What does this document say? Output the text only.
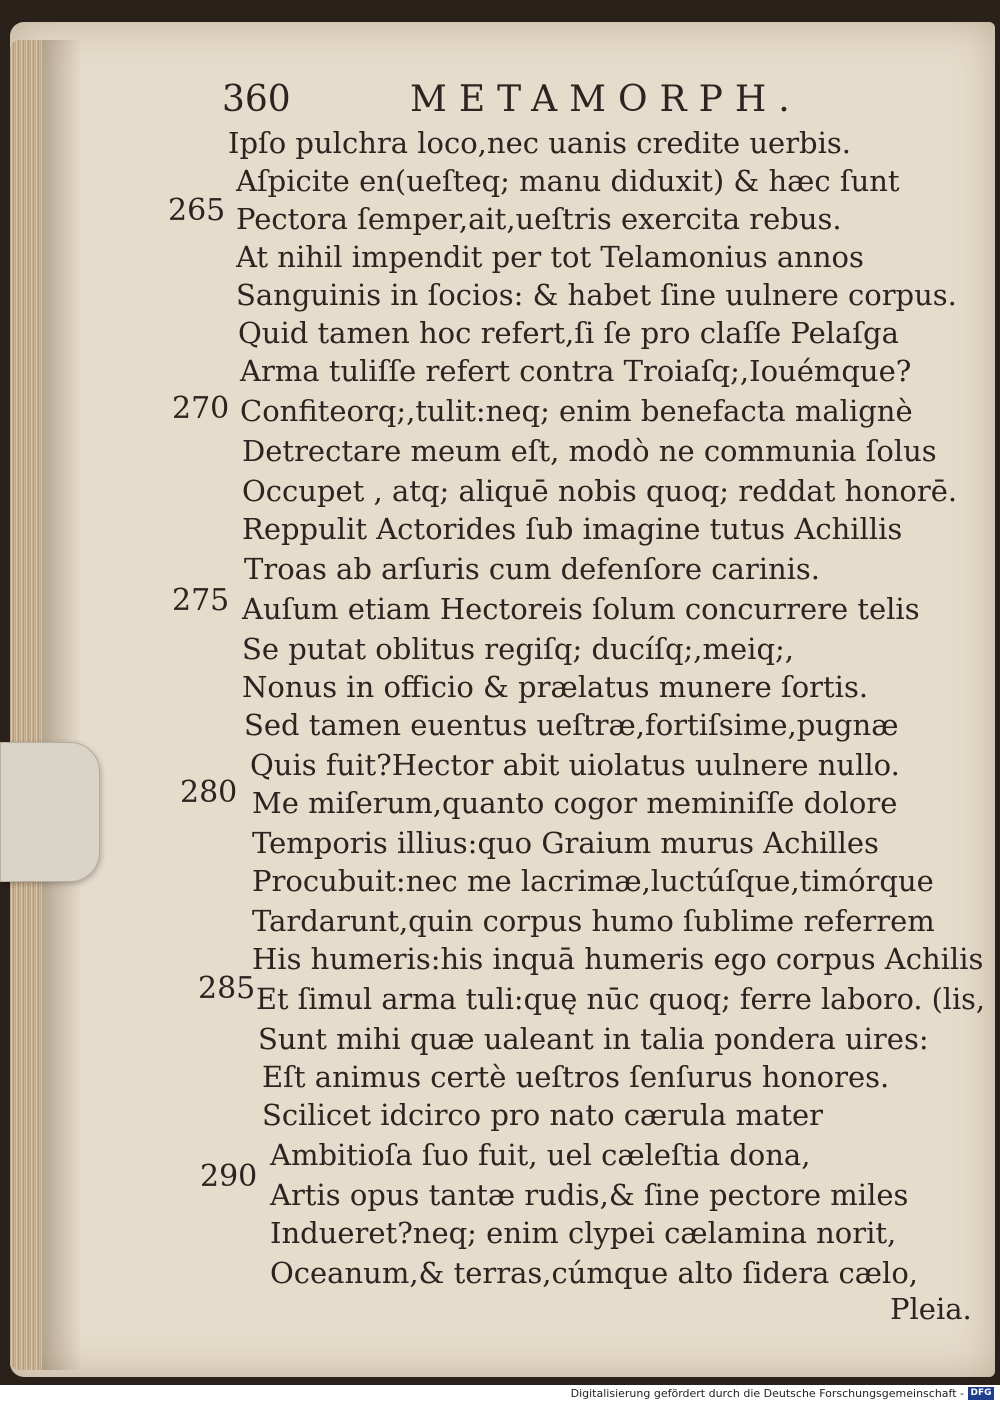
360	METAMORPH.
Ipſo pulchra loco,nec uanis credite uerbis.
Aſpicite en(ueſteq; manu diduxit) & hæc ſunt
Pectora ſemper,ait,ueſtris exercita rebus.
At nihil impendit per tot Telamonius annos
Sanguinis in ſocios: & habet ſine uulnere corpus.
Quid tamen hoc refert,ſi ſe pro claſſe Pelaſga
Arma tuliſſe refert contra Troiaſq;,Iouémque?
Confiteorq;,tulit:neq; enim benefacta malignè
Detrectare meum eſt, modò ne communia ſolus
Occupet , atq; aliquē nobis quoq; reddat honorē.
Reppulit Actorides ſub imagine tutus Achillis
Troas ab arſuris cum defenſore carinis.
Auſum etiam Hectoreis ſolum concurrere telis
Se putat oblitus regiſq; ducíſq;,meiq;,
Nonus in officio & prælatus munere ſortis.
Sed tamen euentus ueſtræ,fortiſsime,pugnæ
Quis fuit?Hector abit uiolatus uulnere nullo.
Me miſerum,quanto cogor meminiſſe dolore
Temporis illius:quo Graium murus Achilles
Procubuit:nec me lacrimæ,luctúſque,timórque
Tardarunt,quin corpus humo ſublime referrem
His humeris:his inquā humeris ego corpus Achilis
Et ſimul arma tuli:quę nūc quoq; ferre laboro. (lis,
Sunt mihi quæ ualeant in talia pondera uires:
Eſt animus certè ueſtros ſenſurus honores.
Scilicet idcirco pro nato cærula mater
Ambitioſa ſuo fuit, uel cæleſtia dona,
Artis opus tantæ rudis,& ſine pectore miles
Indueret?neq; enim clypei cælamina norit,
Oceanum,& terras,cúmque alto ſidera cælo,
265
270
275
280
285
290
Pleia.
Digitalisierung gefördert durch die Deutsche Forschungsgemeinschaft - DFG
